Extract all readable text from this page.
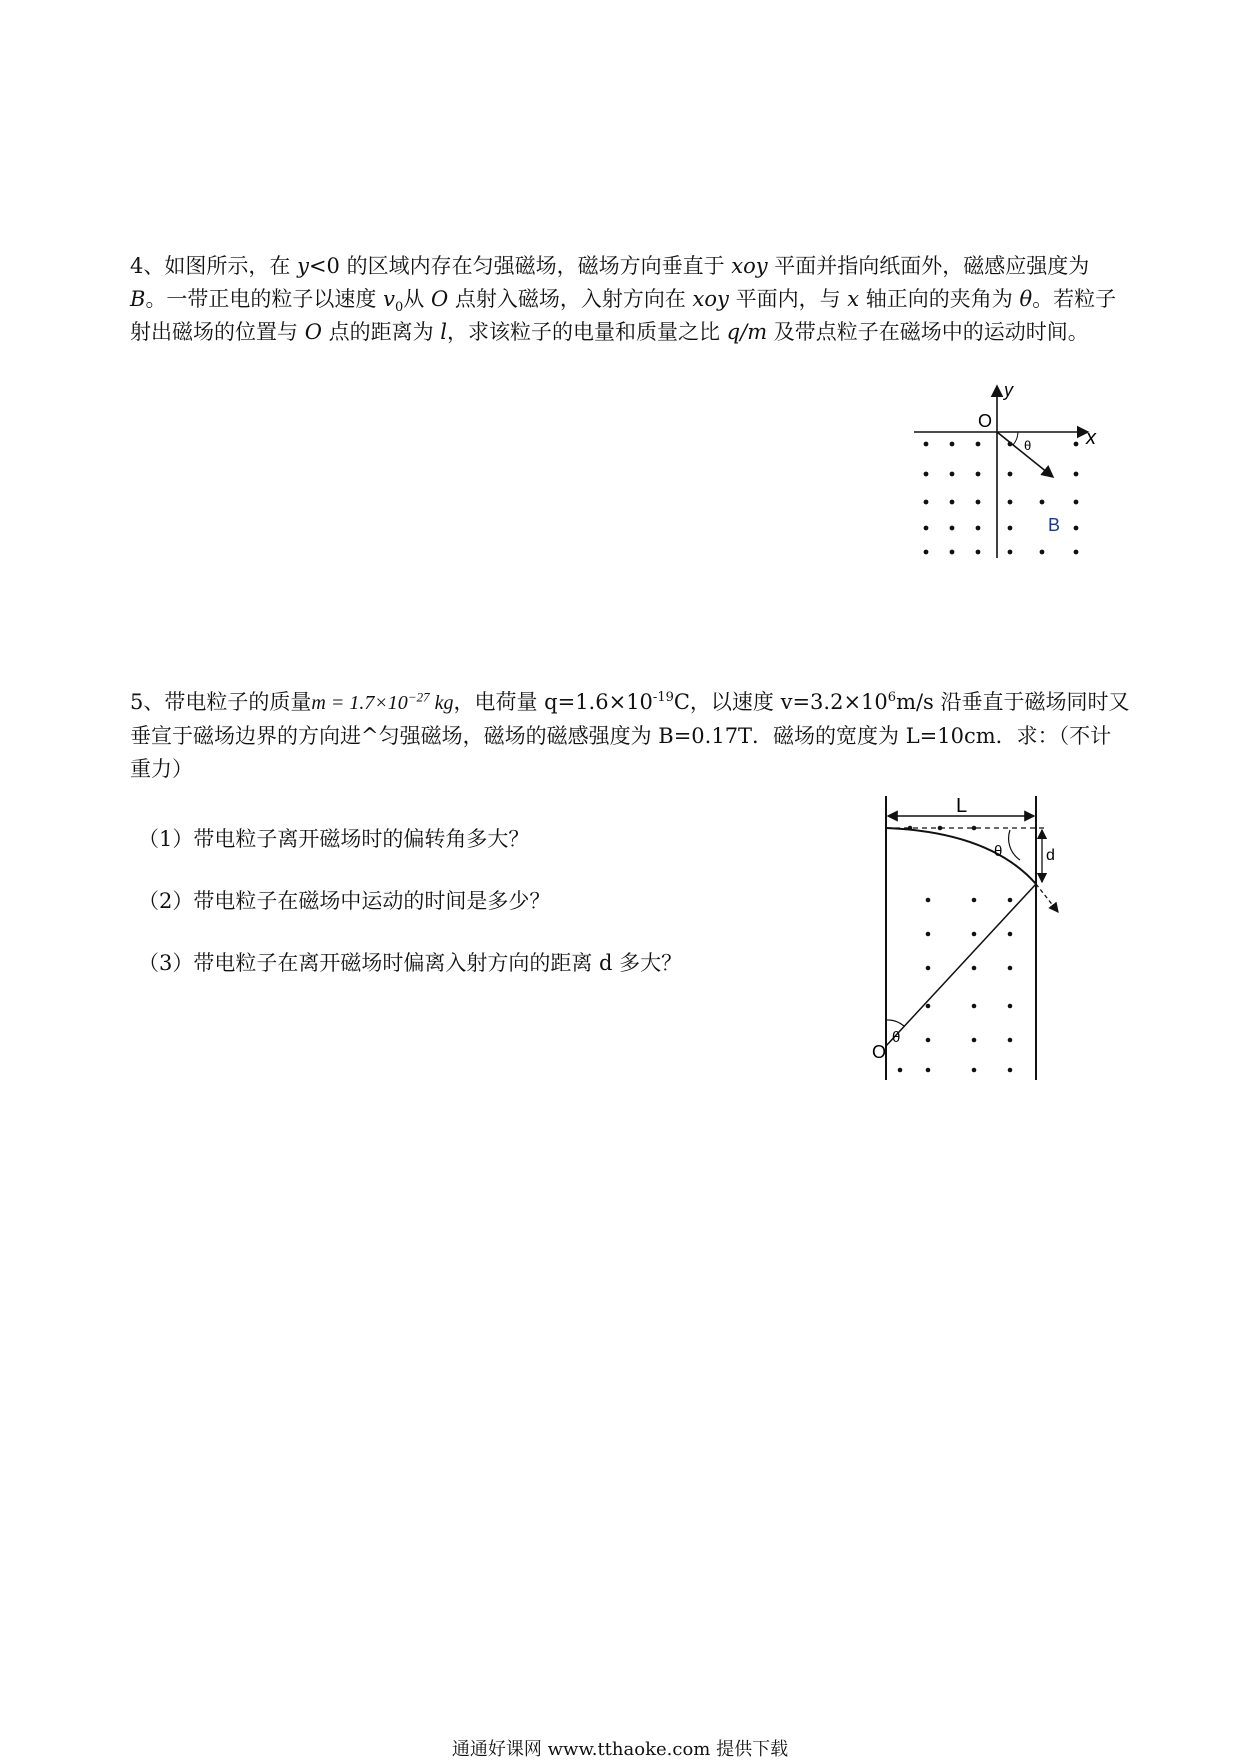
4、如图所示，在 y<0 的区域内存在匀强磁场，磁场方向垂直于 xoy 平面并指向纸面外，磁感应强度为 B。一带正电的粒子以速度 $v_0$从 O 点射入磁场，入射方向在 xoy 平面内，与 x 轴正向的夹角为 θ。若粒子射出磁场的位置与 O 点的距离为 l，求该粒子的电量和质量之比 q/m 及带点粒子在磁场中的运动时间。
y
x
O
θ
B
5、带电粒子的质量$m = 1.7\times 10^{-27}$ kg，电荷量 $q=1.6\times 10^{-19}C$，以速度 $v=3.2\times 10^6m/s$ 沿垂直于磁场同时又垂宣于磁场边界的方向进^匀强磁场，磁场的磁感强度为 B=0.17T．磁场的宽度为 L=10cm．求：（不计重力）
（1）带电粒子离开磁场时的偏转角多大？
（2）带电粒子在磁场中运动的时间是多少？
（3）带电粒子在离开磁场时偏离入射方向的距离 d 多大？
L
d
θ
θ
O
通通好课网 www.tthaoke.com 提供下载
